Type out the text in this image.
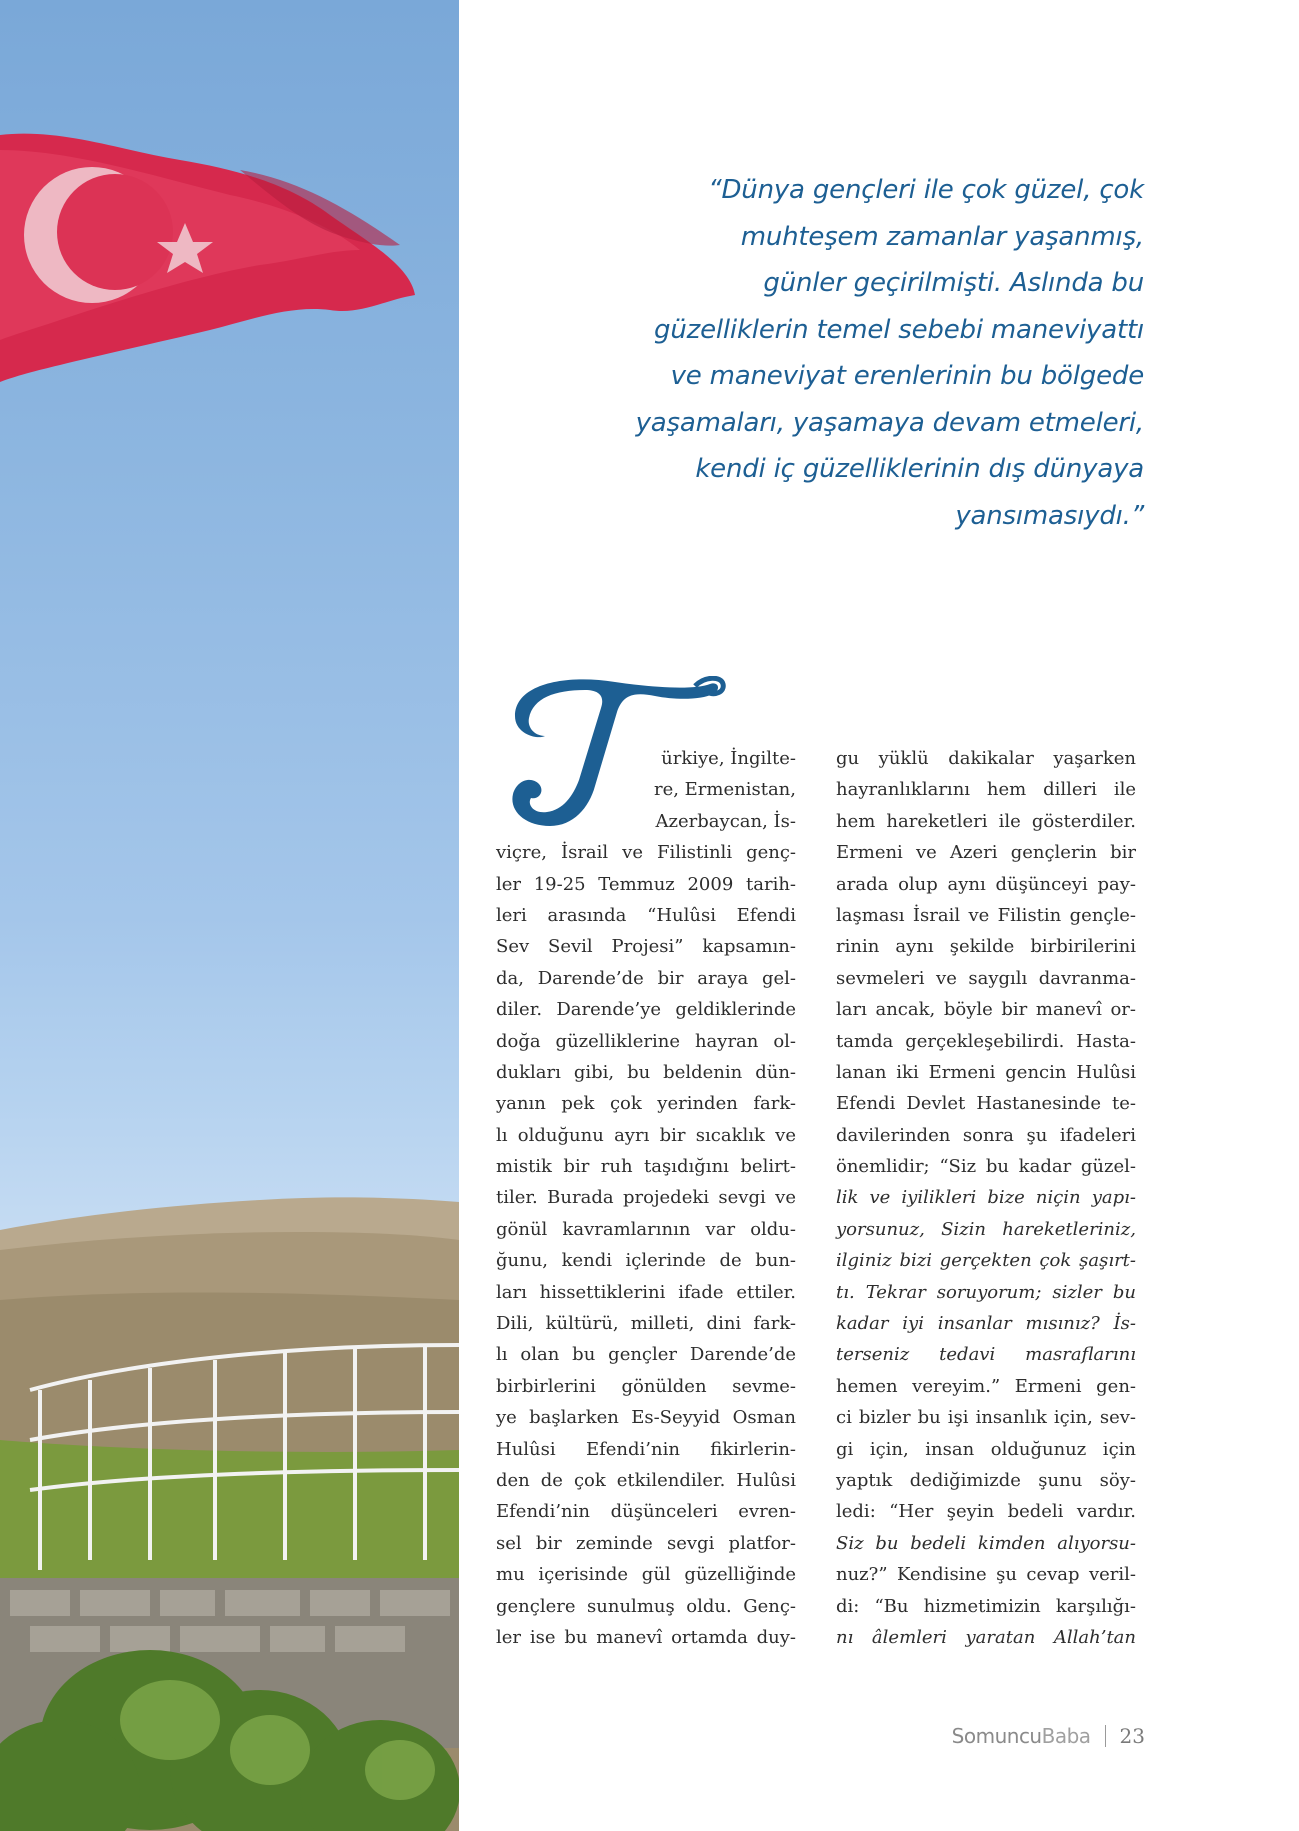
“Dünya gençleri ile çok güzel, çok
muhteşem zamanlar yaşanmış,
günler geçirilmişti. Aslında bu
güzelliklerin temel sebebi maneviyattı
ve maneviyat erenlerinin bu bölgede
yaşamaları, yaşamaya devam etmeleri,
kendi iç güzelliklerinin dış dünyaya
yansımasıydı.”
ürkiye, İngilte-
re, Ermenistan,
Azerbaycan, İs-
viçre, İsrail ve Filistinli genç-
ler 19-25 Temmuz 2009 tarih-
leri arasında “Hulûsi Efendi
Sev Sevil Projesi” kapsamın-
da, Darende’de bir araya gel-
diler. Darende’ye geldiklerinde
doğa güzelliklerine hayran ol-
dukları gibi, bu beldenin dün-
yanın pek çok yerinden fark-
lı olduğunu ayrı bir sıcaklık ve
mistik bir ruh taşıdığını belirt-
tiler. Burada projedeki sevgi ve
gönül kavramlarının var oldu-
ğunu, kendi içlerinde de bun-
ları hissettiklerini ifade ettiler.
Dili, kültürü, milleti, dini fark-
lı olan bu gençler Darende’de
birbirlerini gönülden sevme-
ye başlarken Es-Seyyid Osman
Hulûsi Efendi’nin fikirlerin-
den de çok etkilendiler. Hulûsi
Efendi’nin düşünceleri evren-
sel bir zeminde sevgi platfor-
mu içerisinde gül güzelliğinde
gençlere sunulmuş oldu. Genç-
ler ise bu manevî ortamda duy-
gu yüklü dakikalar yaşarken
hayranlıklarını hem dilleri ile
hem hareketleri ile gösterdiler.
Ermeni ve Azeri gençlerin bir
arada olup aynı düşünceyi pay-
laşması İsrail ve Filistin gençle-
rinin aynı şekilde birbirilerini
sevmeleri ve saygılı davranma-
ları ancak, böyle bir manevî or-
tamda gerçekleşebilirdi. Hasta-
lanan iki Ermeni gencin Hulûsi
Efendi Devlet Hastanesinde te-
davilerinden sonra şu ifadeleri
önemlidir; “Siz bu kadar güzel-
lik ve iyilikleri bize niçin yapı-
yorsunuz, Sizin hareketleriniz,
ilginiz bizi gerçekten çok şaşırt-
tı. Tekrar soruyorum; sizler bu
kadar iyi insanlar mısınız? İs-
terseniz tedavi masraflarını
hemen vereyim.” Ermeni gen-
ci bizler bu işi insanlık için, sev-
gi için, insan olduğunuz için
yaptık dediğimizde şunu söy-
ledi: “Her şeyin bedeli vardır.
Siz bu bedeli kimden alıyorsu-
nuz?” Kendisine şu cevap veril-
di: “Bu hizmetimizin karşılığı-
nı âlemleri yaratan Allah’tan
Somuncu Baba 23
